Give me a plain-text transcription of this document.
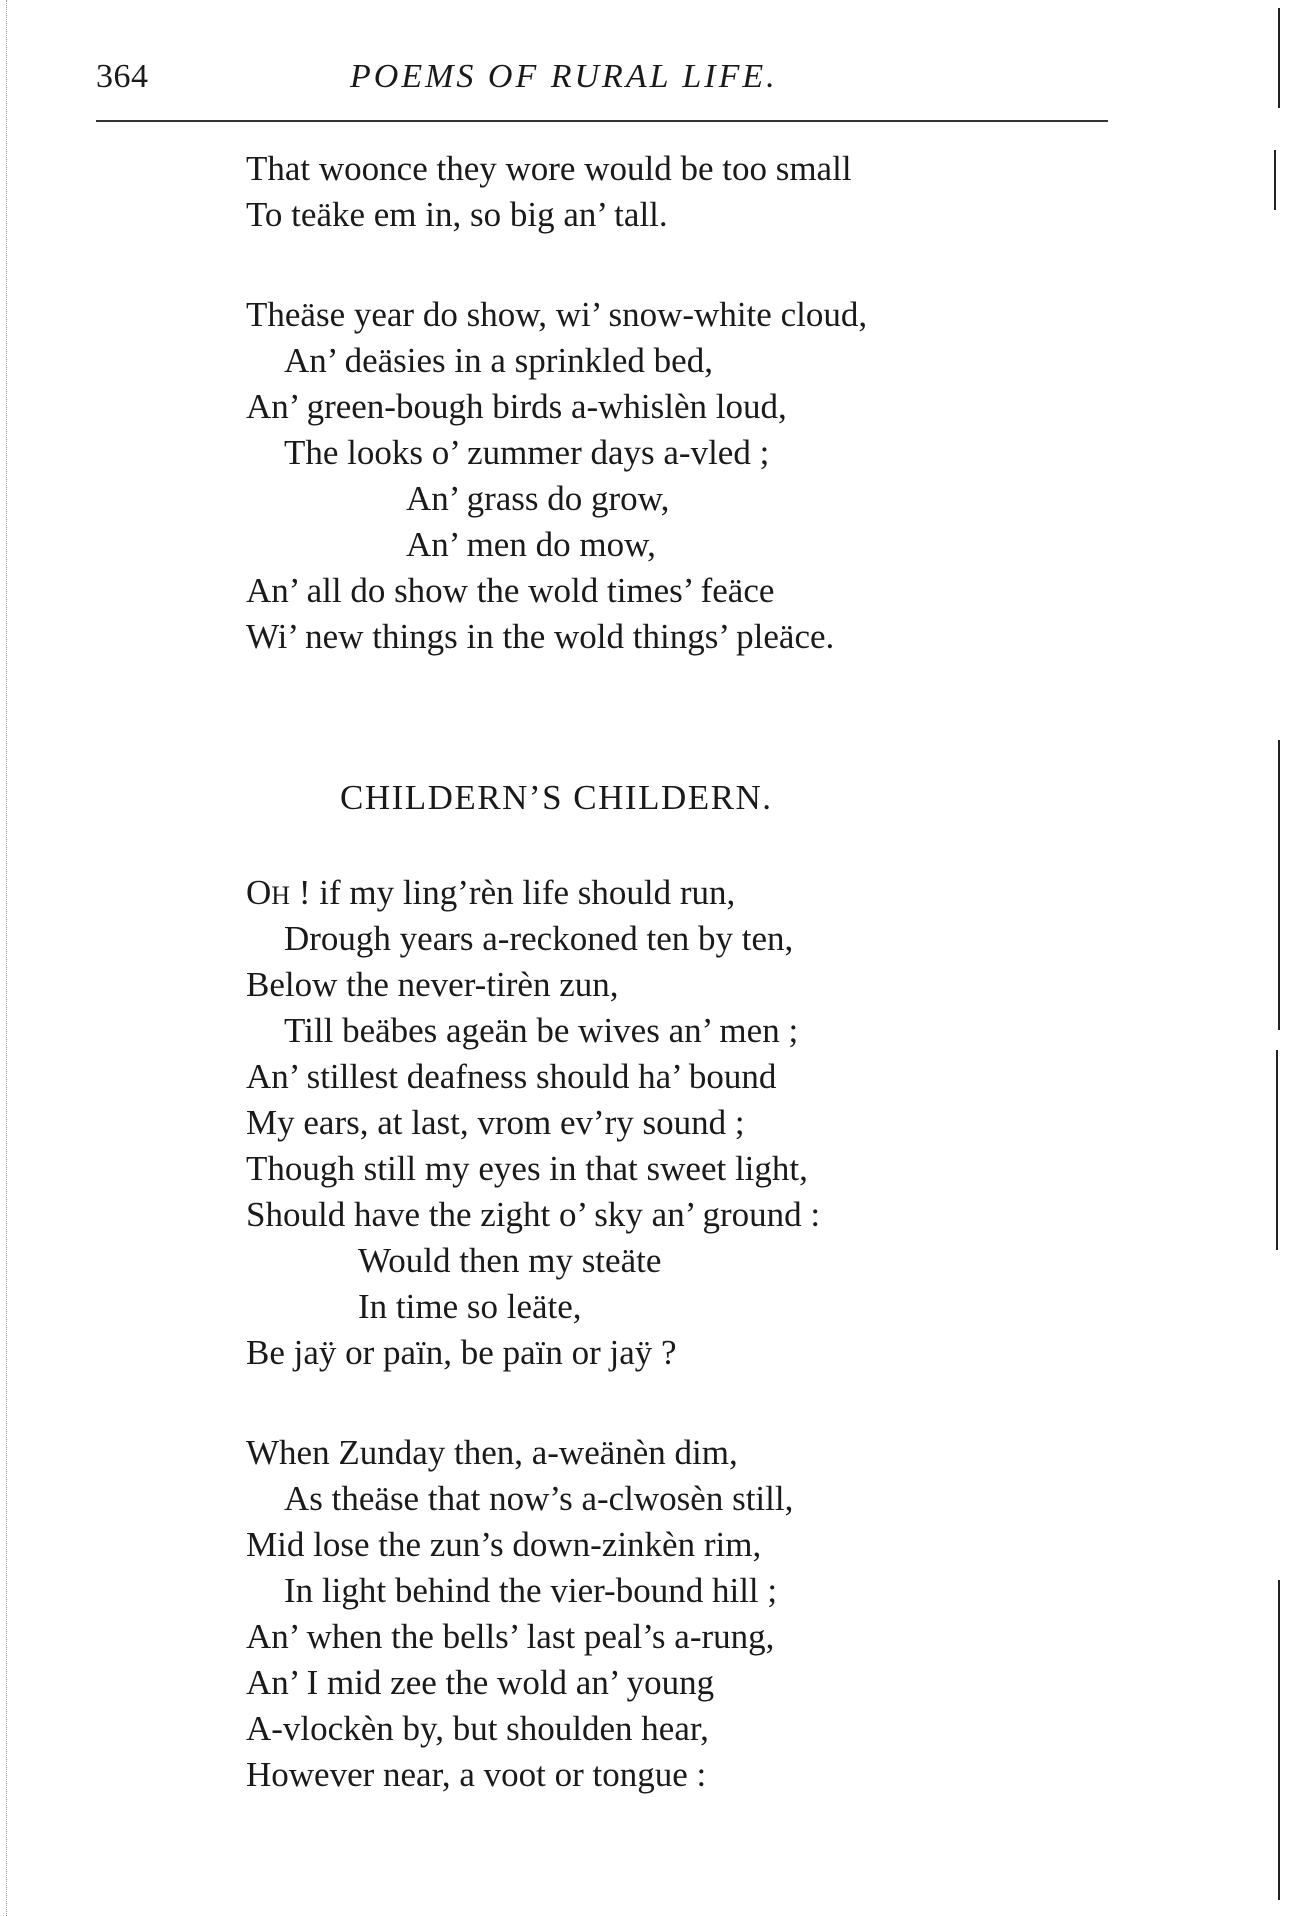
364	POEMS OF RURAL LIFE.
That woonce they wore would be too small
To teäke em in, so big an’ tall.
Theäse year do show, wi’ snow-white cloud,
An’ deäsies in a sprinkled bed,
An’ green-bough birds a-whislèn loud,
The looks o’ zummer days a-vled ;
An’ grass do grow,
An’ men do mow,
An’ all do show the wold times’ feäce
Wi’ new things in the wold things’ pleäce.
CHILDERN’S CHILDERN.
OH ! if my ling’rèn life should run,
Drough years a-reckoned ten by ten,
Below the never-tirèn zun,
Till beäbes ageän be wives an’ men ;
An’ stillest deafness should ha’ bound
My ears, at last, vrom ev’ry sound ;
Though still my eyes in that sweet light,
Should have the zight o’ sky an’ ground :
Would then my steäte
In time so leäte,
Be jaÿ or païn, be païn or jaÿ ?
When Zunday then, a-weänèn dim,
As theäse that now’s a-clwosèn still,
Mid lose the zun’s down-zinkèn rim,
In light behind the vier-bound hill ;
An’ when the bells’ last peal’s a-rung,
An’ I mid zee the wold an’ young
A-vlockèn by, but shoulden hear,
However near, a voot or tongue :
